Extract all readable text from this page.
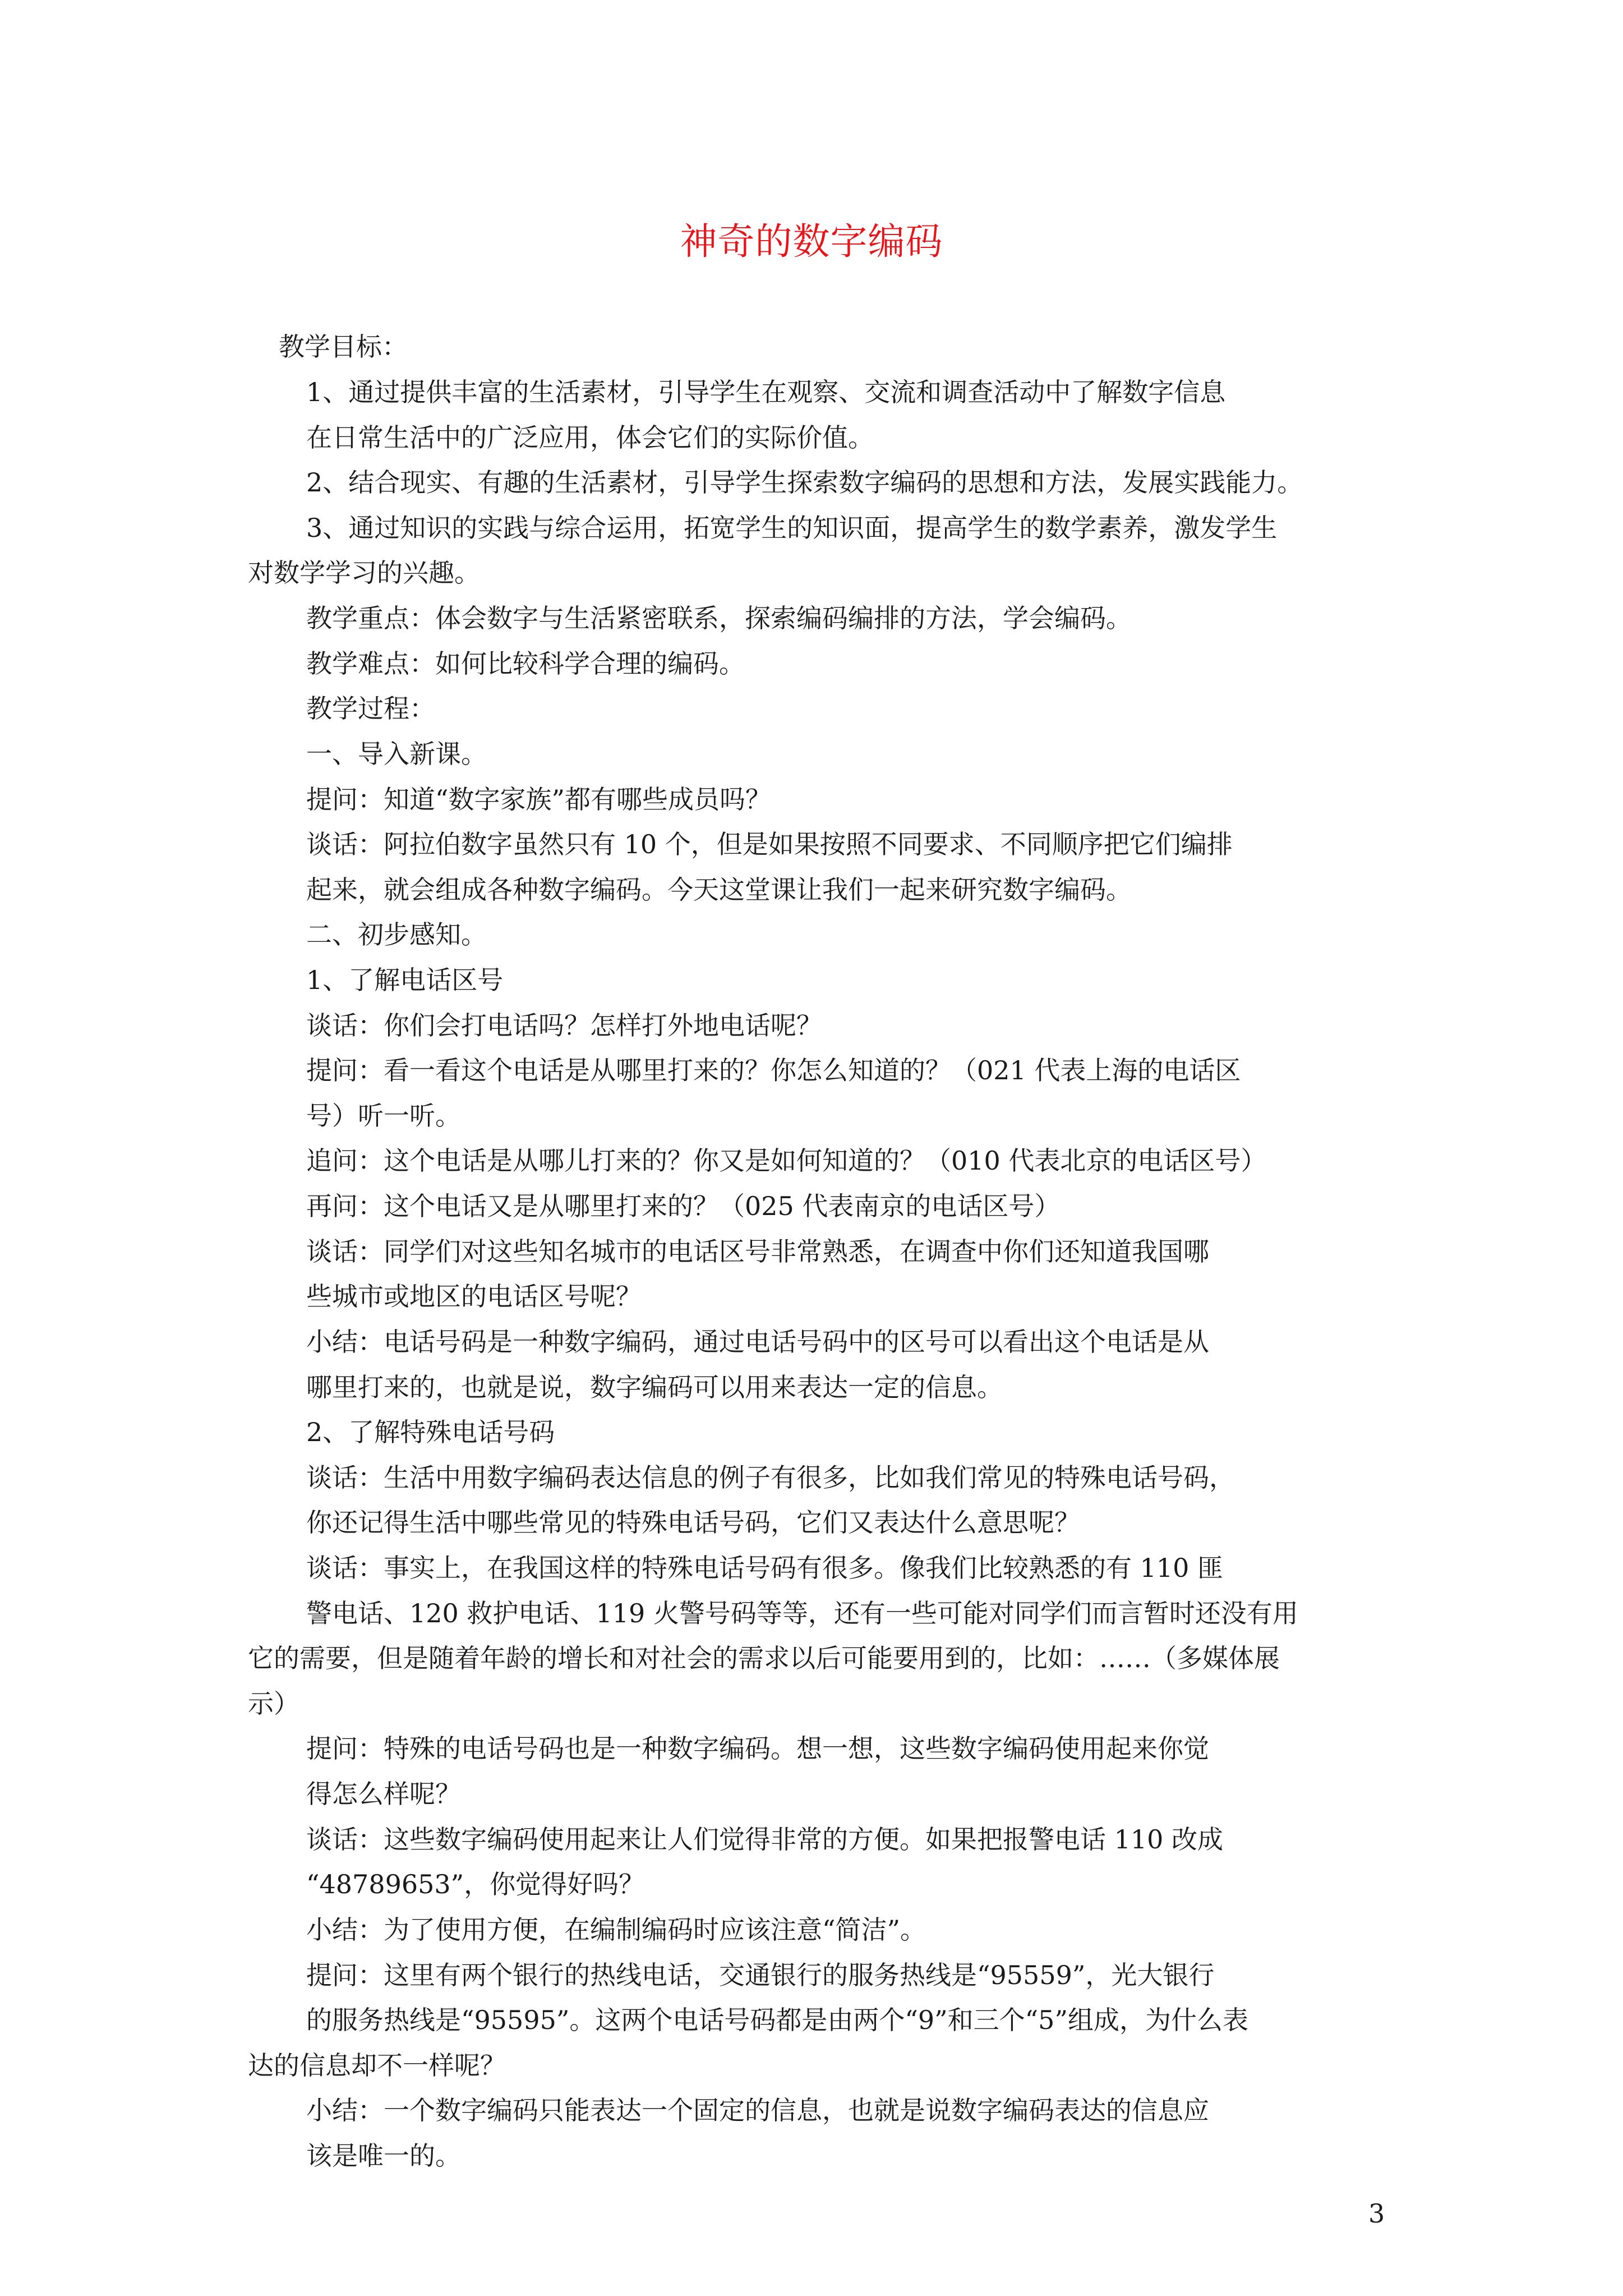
神奇的数字编码

教学目标：

1、通过提供丰富的生活素材，引导学生在观察、交流和调查活动中了解数字信息

在日常生活中的广泛应用，体会它们的实际价值。

2、结合现实、有趣的生活素材，引导学生探索数字编码的思想和方法，发展实践能力。

3、通过知识的实践与综合运用，拓宽学生的知识面，提高学生的数学素养，激发学生

对数学学习的兴趣。

教学重点：体会数字与生活紧密联系，探索编码编排的方法，学会编码。

教学难点：如何比较科学合理的编码。

教学过程：

一、导入新课。

提问：知道“数字家族”都有哪些成员吗？

谈话：阿拉伯数字虽然只有 10 个，但是如果按照不同要求、不同顺序把它们编排

起来，就会组成各种数字编码。今天这堂课让我们一起来研究数字编码。

二、初步感知。

1、了解电话区号

谈话：你们会打电话吗？怎样打外地电话呢？

提问：看一看这个电话是从哪里打来的？你怎么知道的？（021 代表上海的电话区

号）听一听。

追问：这个电话是从哪儿打来的？你又是如何知道的？（010 代表北京的电话区号）

再问：这个电话又是从哪里打来的？（025 代表南京的电话区号）

谈话：同学们对这些知名城市的电话区号非常熟悉，在调查中你们还知道我国哪

些城市或地区的电话区号呢？

小结：电话号码是一种数字编码，通过电话号码中的区号可以看出这个电话是从

哪里打来的，也就是说，数字编码可以用来表达一定的信息。

2、了解特殊电话号码

谈话：生活中用数字编码表达信息的例子有很多，比如我们常见的特殊电话号码，

你还记得生活中哪些常见的特殊电话号码，它们又表达什么意思呢？

谈话：事实上，在我国这样的特殊电话号码有很多。像我们比较熟悉的有 110 匪

警电话、120 救护电话、119 火警号码等等，还有一些可能对同学们而言暂时还没有用

它的需要，但是随着年龄的增长和对社会的需求以后可能要用到的，比如：……（多媒体展

示）

提问：特殊的电话号码也是一种数字编码。想一想，这些数字编码使用起来你觉

得怎么样呢？

谈话：这些数字编码使用起来让人们觉得非常的方便。如果把报警电话 110 改成

“48789653”，你觉得好吗？

小结：为了使用方便，在编制编码时应该注意“简洁”。

提问：这里有两个银行的热线电话，交通银行的服务热线是“95559”，光大银行

的服务热线是“95595”。这两个电话号码都是由两个“9”和三个“5”组成，为什么表

达的信息却不一样呢？

小结：一个数字编码只能表达一个固定的信息，也就是说数字编码表达的信息应

该是唯一的。

3
